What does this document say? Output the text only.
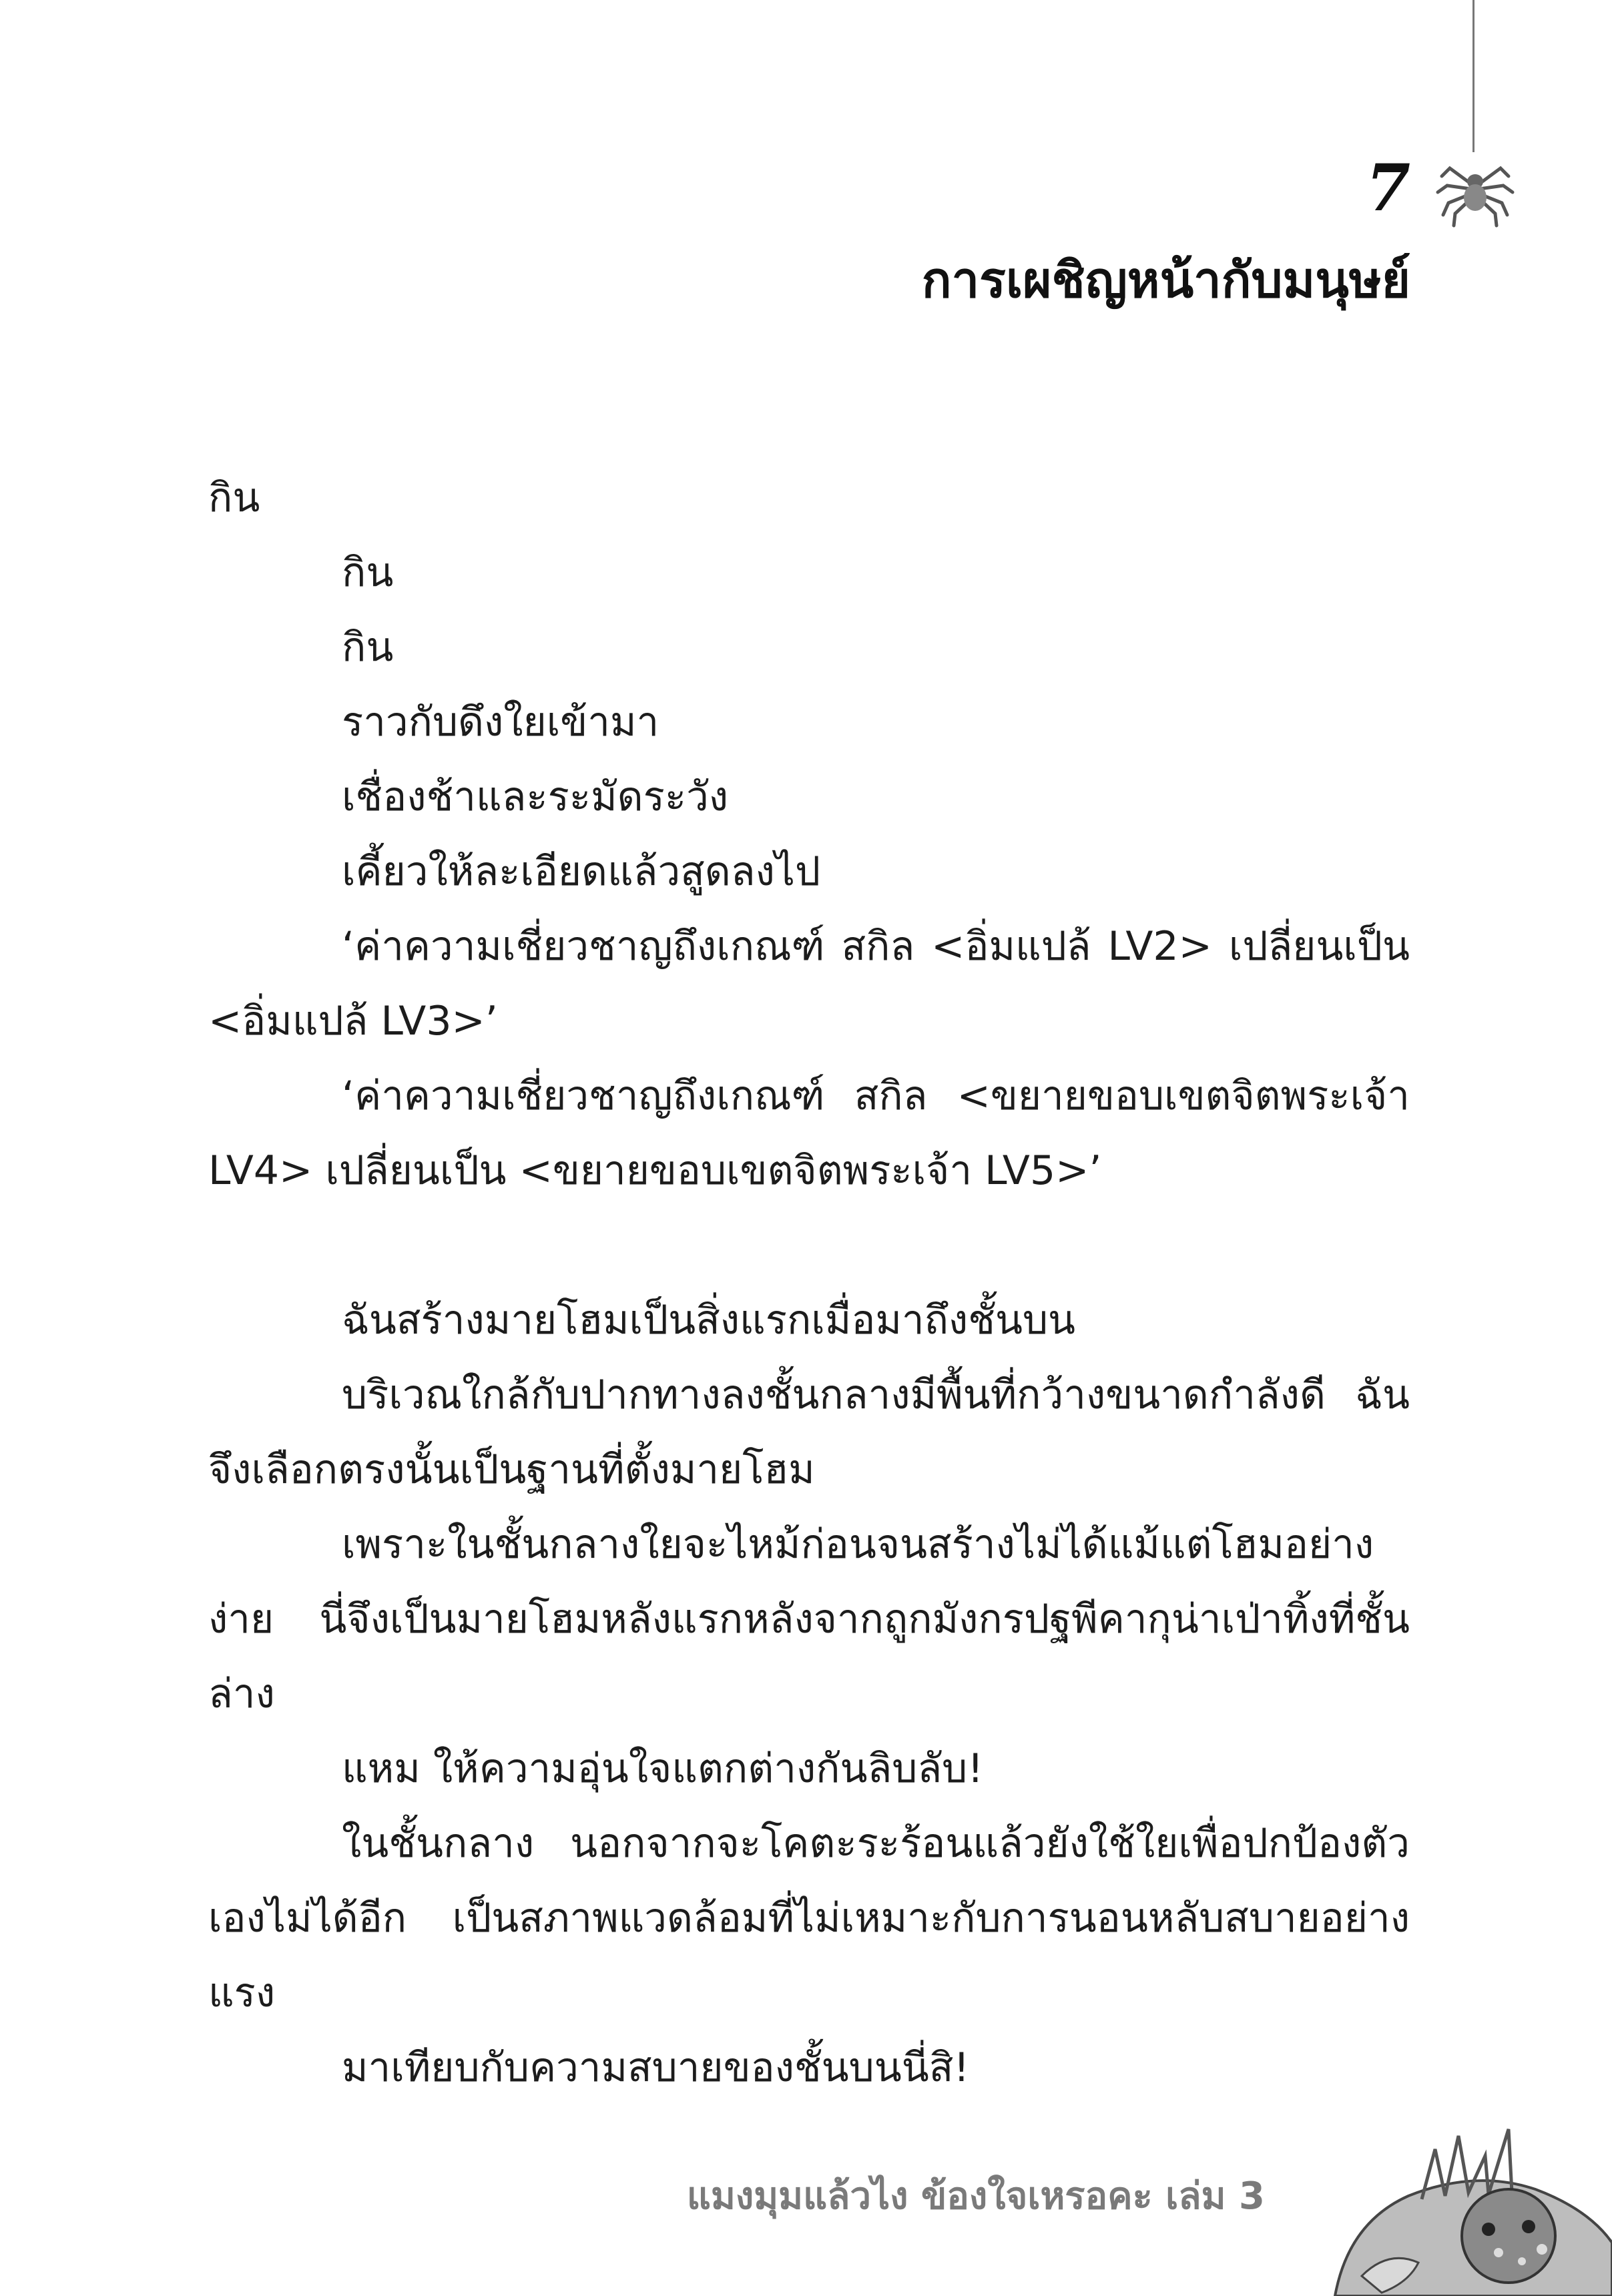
7
การเผชิญหน้ากับมนุษย์

กิน

กิน

กิน

ราวกับดึงใยเข้ามา

เชื่องช้าและระมัดระวัง

เคี้ยวให้ละเอียดแล้วสูดลงไป

‘ค่าความเชี่ยวชาญถึงเกณฑ์ สกิล <อิ่มแปล้ LV2> เปลี่ยนเป็น <อิ่มแปล้ LV3>’

‘ค่าความเชี่ยวชาญถึงเกณฑ์ สกิล <ขยายขอบเขตจิตพระเจ้า LV4> เปลี่ยนเป็น <ขยายขอบเขตจิตพระเจ้า LV5>’

ฉันสร้างมายโฮมเป็นสิ่งแรกเมื่อมาถึงชั้นบน

บริเวณใกล้กับปากทางลงชั้นกลางมีพื้นที่กว้างขนาดกำลังดี ฉันจึงเลือกตรงนั้นเป็นฐานที่ตั้งมายโฮม

เพราะในชั้นกลางใยจะไหม้ก่อนจนสร้างไม่ได้แม้แต่โฮมอย่างง่าย นี่จึงเป็นมายโฮมหลังแรกหลังจากถูกมังกรปฐพีคากุน่าเป่าทิ้งที่ชั้นล่าง

แหม ให้ความอุ่นใจแตกต่างกันลิบลับ!

ในชั้นกลาง นอกจากจะโคตะระร้อนแล้วยังใช้ใยเพื่อปกป้องตัวเองไม่ได้อีก เป็นสภาพแวดล้อมที่ไม่เหมาะกับการนอนหลับสบายอย่างแรง

มาเทียบกับความสบายของชั้นบนนี่สิ!

แมงมุมแล้วไง ข้องใจเหรอคะ เล่ม 3
